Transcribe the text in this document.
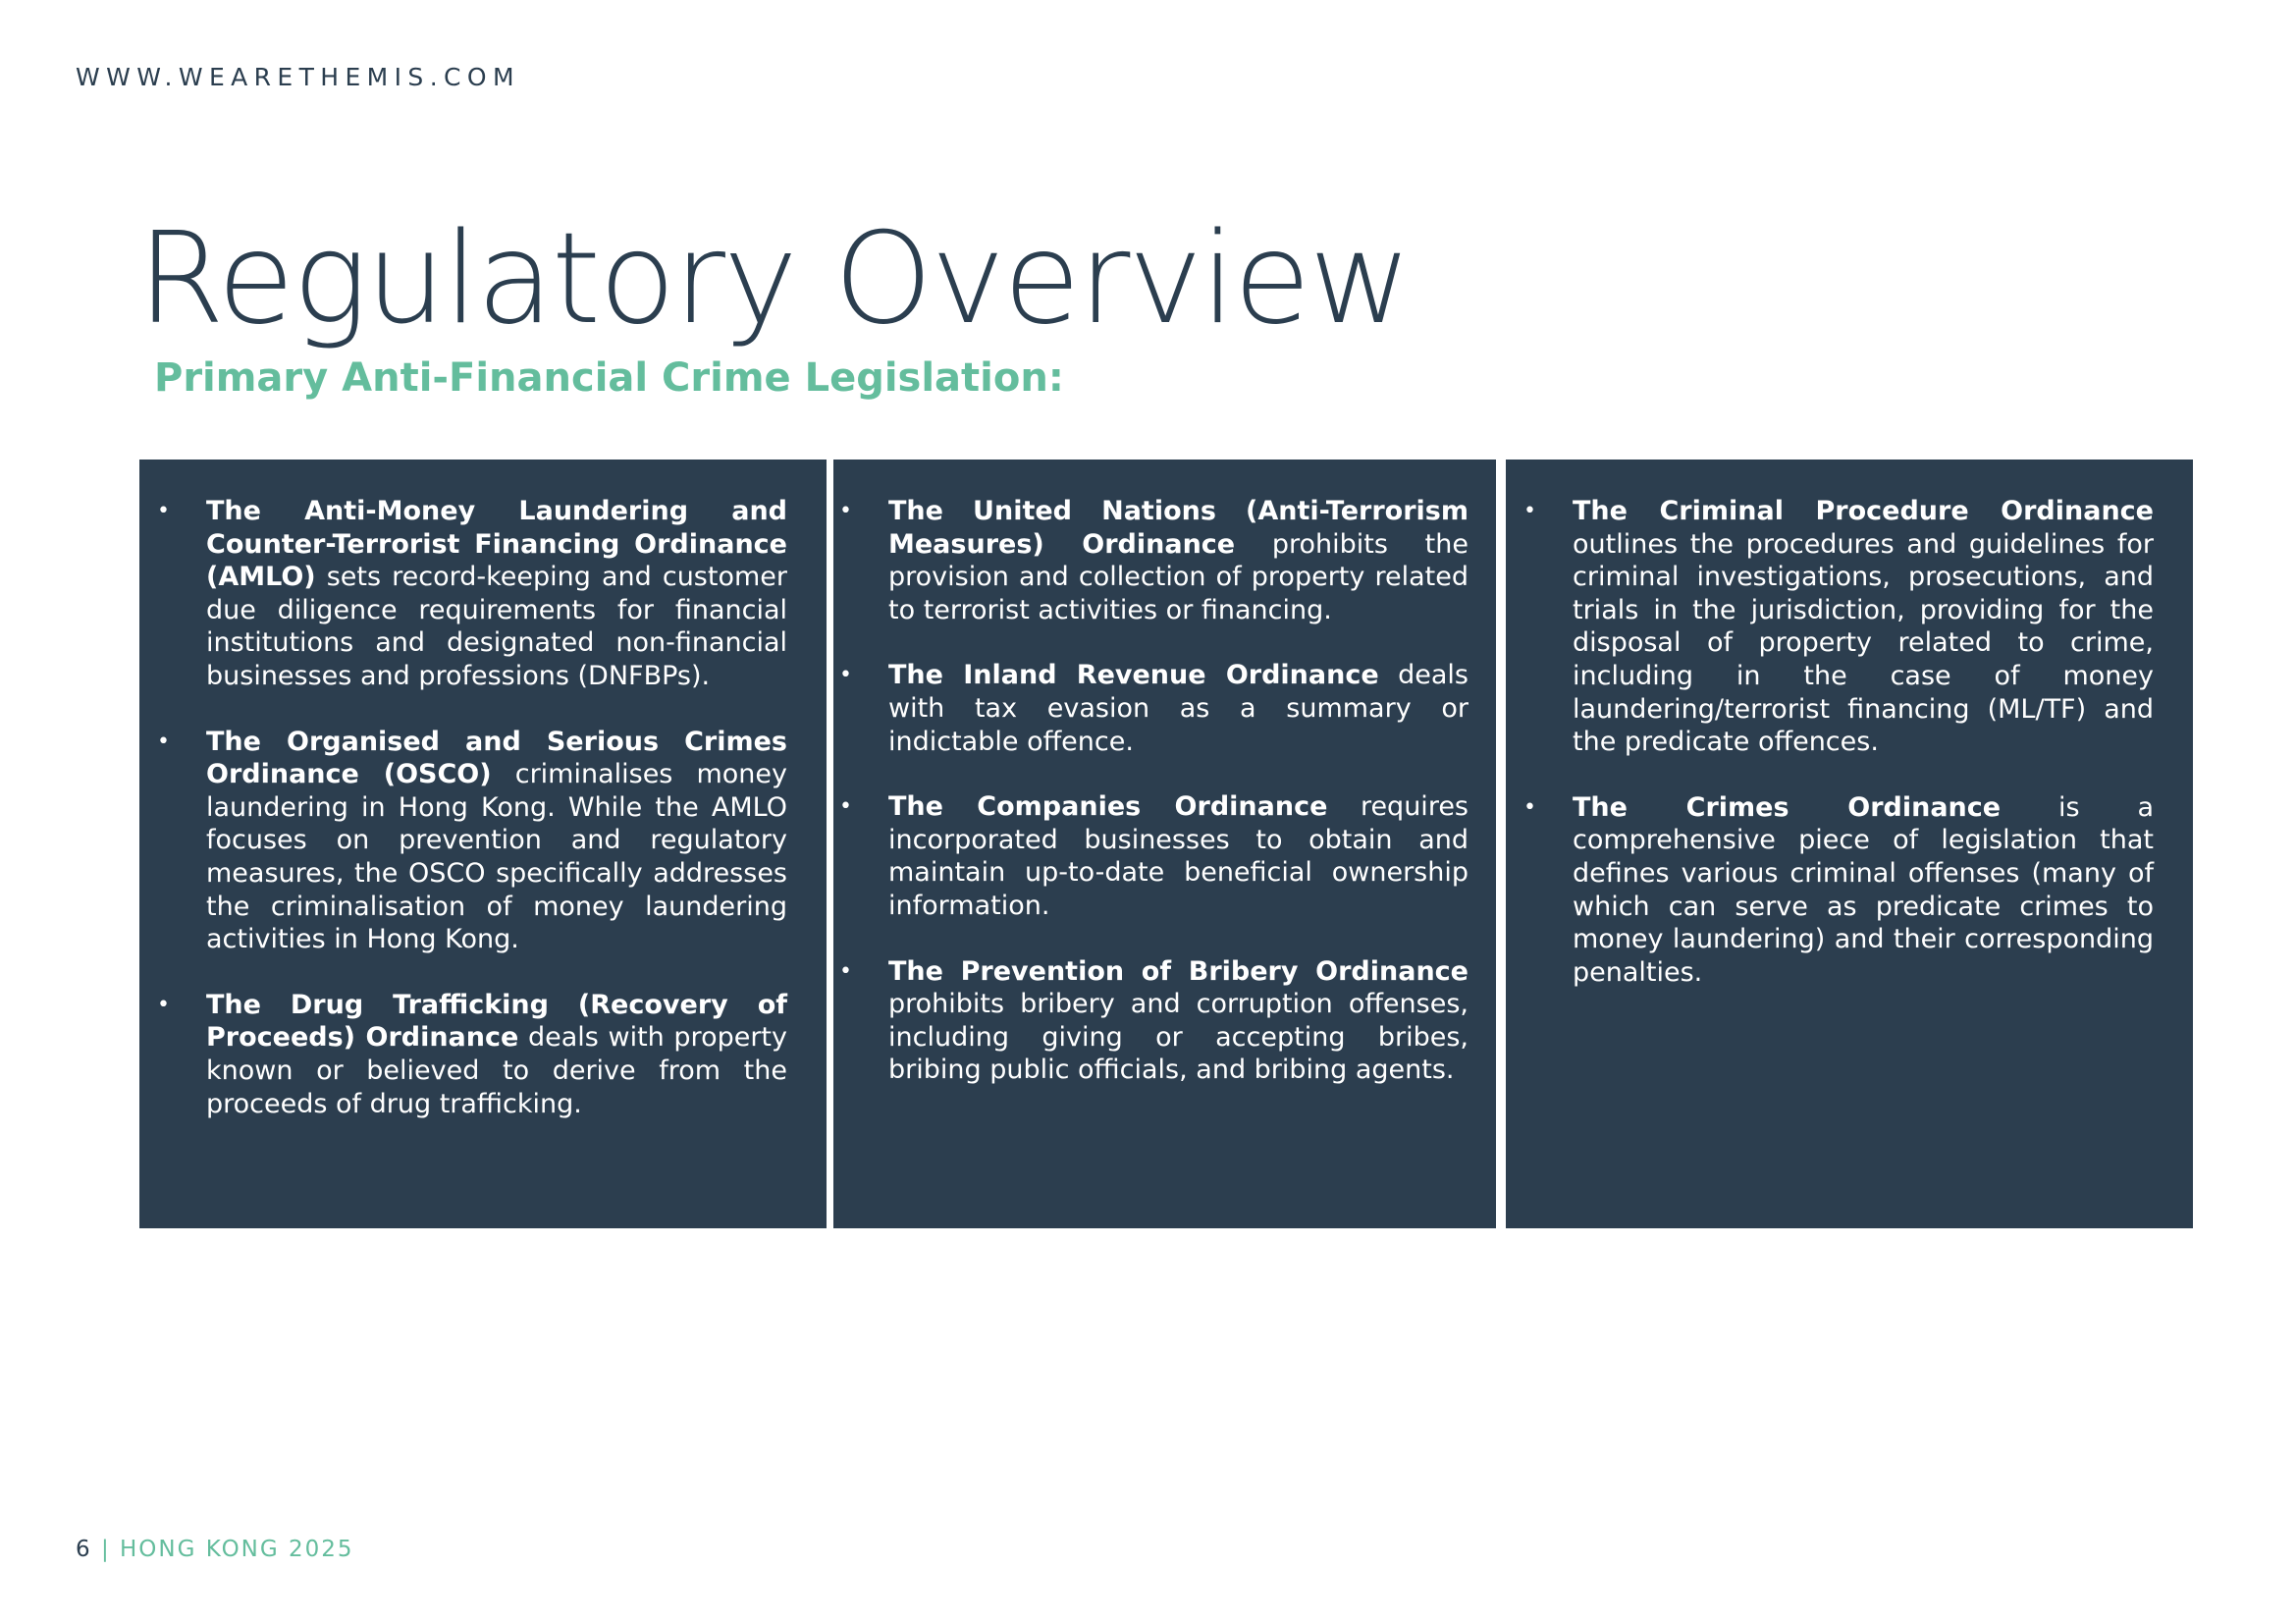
WWW.WEARETHEMIS.COM
Regulatory Overview
Primary Anti-Financial Crime Legislation:
• The Anti-Money Laundering and Counter-Terrorist Financing Ordinance (AMLO) sets record-keeping and customer due diligence requirements for financial institutions and designated non-financial businesses and professions (DNFBPs).
• The Organised and Serious Crimes Ordinance (OSCO) criminalises money laundering in Hong Kong. While the AMLO focuses on prevention and regulatory measures, the OSCO specifically addresses the criminalisation of money laundering activities in Hong Kong.
• The Drug Trafficking (Recovery of Proceeds) Ordinance deals with property known or believed to derive from the proceeds of drug trafficking.
• The United Nations (Anti-Terrorism Measures) Ordinance prohibits the provision and collection of property related to terrorist activities or financing.
• The Inland Revenue Ordinance deals with tax evasion as a summary or indictable offence.
• The Companies Ordinance requires incorporated businesses to obtain and maintain up-to-date beneficial ownership information.
• The Prevention of Bribery Ordinance prohibits bribery and corruption offenses, including giving or accepting bribes, bribing public officials, and bribing agents.
• The Criminal Procedure Ordinance outlines the procedures and guidelines for criminal investigations, prosecutions, and trials in the jurisdiction, providing for the disposal of property related to crime, including in the case of money laundering/terrorist financing (ML/TF) and the predicate offences.
• The Crimes Ordinance is a comprehensive piece of legislation that defines various criminal offenses (many of which can serve as predicate crimes to money laundering) and their corresponding penalties.
6 | HONG KONG 2025
